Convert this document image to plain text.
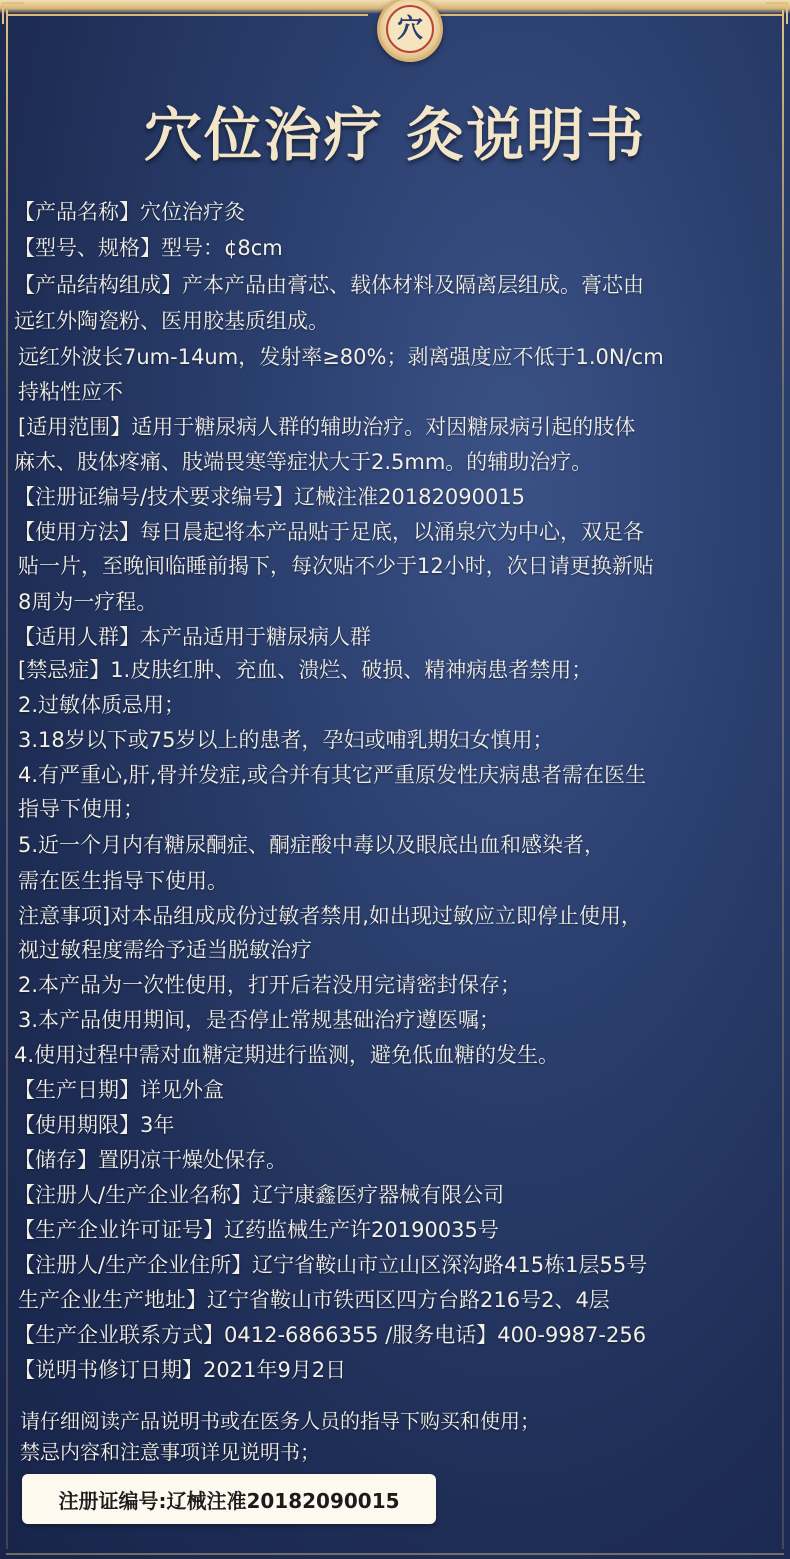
穴
穴位治疗 灸说明书
【产品名称】穴位治疗灸
【型号、规格】型号：¢8cm
【产品结构组成】产本产品由膏芯、载体材料及隔离层组成。膏芯由
远红外陶瓷粉、医用胶基质组成。
远红外波长7um-14um，发射率≥80%；剥离强度应不低于1.0N/cm
持粘性应不
[适用范围】适用于糖尿病人群的辅助治疗。对因糖尿病引起的肢体
麻木、肢体疼痛、肢端畏寒等症状大于2.5mm。的辅助治疗。
【注册证编号/技术要求编号】辽械注准20182090015
【使用方法】每日晨起将本产品贴于足底，以涌泉穴为中心，双足各
贴一片，至晚间临睡前揭下，每次贴不少于12小时，次日请更换新贴
8周为一疗程。
【适用人群】本产品适用于糖尿病人群
[禁忌症】1.皮肤红肿、充血、溃烂、破损、精神病患者禁用；
2.过敏体质忌用；
3.18岁以下或75岁以上的患者，孕妇或哺乳期妇女慎用；
4.有严重心,肝,骨并发症,或合并有其它严重原发性庆病患者需在医生
指导下使用；
5.近一个月内有糖尿酮症、酮症酸中毒以及眼底出血和感染者，
需在医生指导下使用。
注意事项]对本品组成成份过敏者禁用,如出现过敏应立即停止使用，
视过敏程度需给予适当脱敏治疗
2.本产品为一次性使用，打开后若没用完请密封保存；
3.本产品使用期间，是否停止常规基础治疗遵医嘱；
4.使用过程中需对血糖定期进行监测，避免低血糖的发生。
【生产日期】详见外盒
【使用期限】3年
【储存】置阴凉干燥处保存。
【注册人/生产企业名称】辽宁康鑫医疗器械有限公司
【生产企业许可证号】辽药监械生产许20190035号
【注册人/生产企业住所】辽宁省鞍山市立山区深沟路415栋1层55号
生产企业生产地址】辽宁省鞍山市铁西区四方台路216号2、4层
【生产企业联系方式】0412-6866355 /服务电话】400-9987-256
【说明书修订日期】2021年9月2日
请仔细阅读产品说明书或在医务人员的指导下购买和使用；
禁忌内容和注意事项详见说明书；
注册证编号:辽械注准20182090015
